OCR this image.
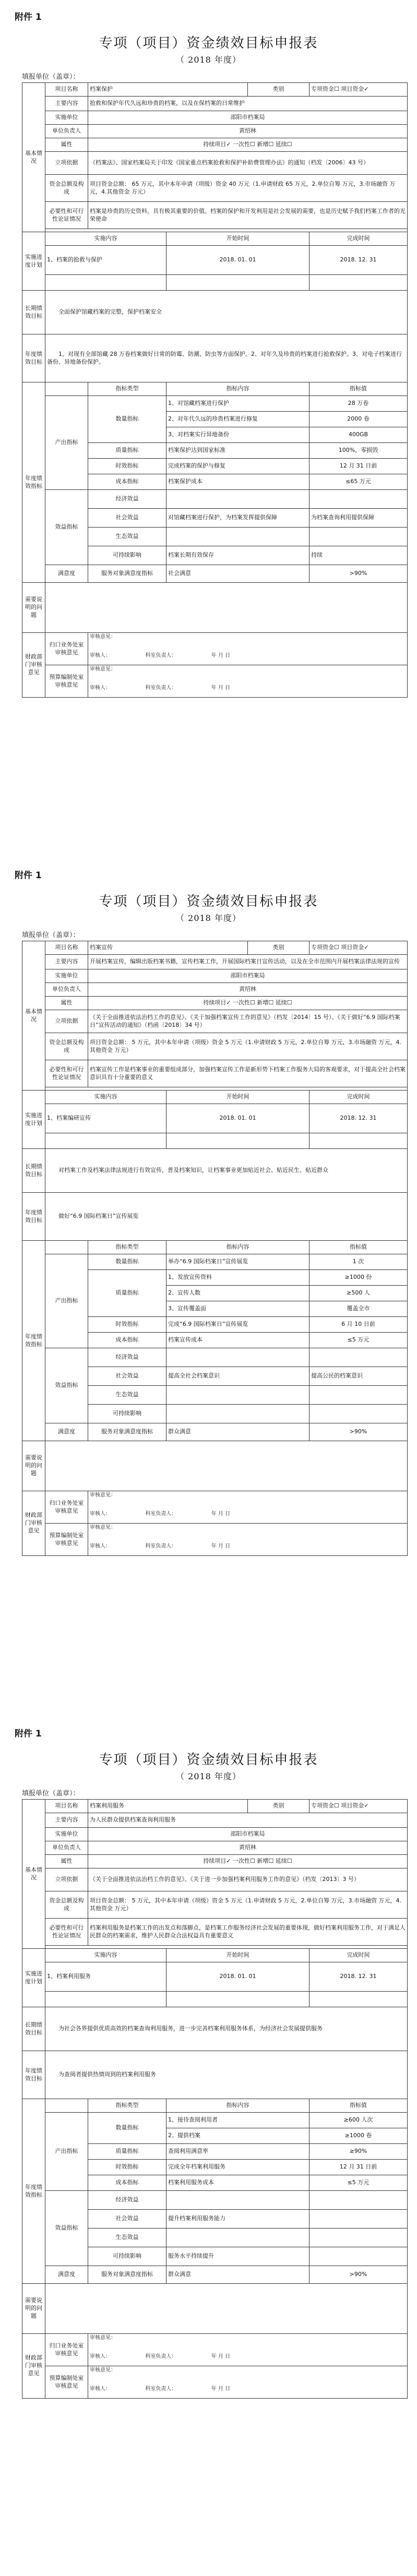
附件 1
专项（项目）资金绩效目标申报表
（ 2018 年度）
填报单位（盖章）：
基本情况	项目名称	档案保护		类别	专项资金☐ 项目资金✓
	主要内容	抢救和保护年代久远和珍贵的档案，以及在保档案的日常维护			
	实施单位	邵阳市档案局			
	单位负责人	黄绍林			
	属性	持续项目✓ 一次性☐ 新增☐ 延续☐			
	立项依据	《档案法》、国家档案局关于印发《国家重点档案抢救和保护补助费管理办法》的通知（档发〔2006〕43 号）			
	资金总额及构成	项目资金总额： 65 万元，其中本年申请（项级）资金 40 万元（1.申请财政 65 万元，2.单位自筹 万元，3.市场融资 万元，4.其他资金 万元）			
	必要性和可行性论证情况	档案是珍贵的历史资料，具有极其重要的价值。档案的保护和开发利用是社会发展的需要，也是历史赋予我们档案工作者的光荣使命			

实施进度计划	实施内容		开始时间		完成时间
	1、档案的抢救与保护		2018. 01. 01		2018. 12. 31

长期绩效目标	全面保护馆藏档案的完整，保护档案安全				
年度绩效目标	1、对现有全部馆藏 28 万卷档案做好日常的防霉、防潮、防虫等方面保护。2、对年久及珍贵的档案进行抢救保护。3、对电子档案进行备份、异地备份保护。				
年度绩效指标		指标类型	指标内容		指标值
	产出指标	数量指标	1、对馆藏档案进行保护		28 万卷
			2、对年代久远的珍贵档案进行修复		2000 卷
			3、对档案实行异地备份		400GB
		质量指标	档案保护达到国家标准		100%，零损毁
		时效指标	完成档案的保护与修复		12 月 31 日前
		成本指标	档案保护成本		≤65 万元
	效益指标	经济效益			
		社会效益	对馆藏档案进行保护，为档案发挥提供保障		为档案查询利用提供保障
		生态效益			
		可持续影响	档案长期有效保存		持续
	满意度	服务对象满意度指标	社会满意		>90%
需要说明的问题					
财政部门审核意见	归口业务处室审核意见	审核意见：
审核人： 科室负责人： 年 月 日			

	预算编制处室审核意见	审核意见：
审核人： 科室负责人： 年 月 日			
附件 1
专项（项目）资金绩效目标申报表
（ 2018 年度）
填报单位（盖章）：
基本情况	项目名称	档案宣传		类别	专项资金☐ 项目资金✓
	主要内容	开展档案宣传，编辑出版档案书籍，宣传档案工作，开展国际档案日宣传活动，以及在全市范围内开展档案法律法规的宣传			
	实施单位	邵阳市档案局			
	单位负责人	黄绍林			
	属性	持续项目✓ 一次性☐ 新增☐ 延续☐			
	立项依据	《关于全面推进依法治档工作的意见》、《关于加强档案宣传工作的意见》（档发〔2014〕15 号）、《关于做好“6.9 国际档案日”宣传活动的通知》（档函〔2018〕34 号）			
	资金总额及构成	项目资金总额： 5 万元，其中本年申请（项级）资金 5 万元（1.申请财政 5 万元，2.单位自筹 万元，3.市场融资 万元，4.其他资金 万元）			
	必要性和可行性论证情况	档案宣传工作是档案事业的重要组成部分，加强档案宣传工作是新形势下档案工作服务大局的客观要求，对于提高全社会档案意识具有十分重要的意义			

实施进度计划	实施内容		开始时间		完成时间
	1、档案编研宣传		2018. 01. 01		2018. 12. 31

长期绩效目标	对档案工作及档案法律法规进行有效宣传，普及档案知识，让档案事业更加贴近社会、贴近民生、贴近群众				
年度绩效目标	做好“6.9 国际档案日”宣传展览				
年度绩效指标		指标类型	指标内容		指标值
	产出指标	数量指标	举办“6.9 国际档案日”宣传展览		1 次
		质量指标	1、发放宣传资料		≥1000 份
			2、宣传人数		≥500 人
			3、宣传覆盖面		覆盖全市
		时效指标	完成“6.9 国际档案日”宣传展览		6 月 10 日前
		成本指标	档案宣传成本		≤5 万元
	效益指标	经济效益			
		社会效益	提高全社会档案意识		提高公民的档案意识
		生态效益			
		可持续影响			
	满意度	服务对象满意度指标	群众满意		>90%
需要说明的问题					
财政部门审核意见	归口业务处室审核意见	审核意见：
审核人： 科室负责人： 年 月 日			

	预算编制处室审核意见	审核意见：
审核人： 科室负责人： 年 月 日			
附件 1
专项（项目）资金绩效目标申报表
（ 2018 年度）
填报单位（盖章）：
基本情况	项目名称	档案利用服务		类别	专项资金☐ 项目资金✓
	主要内容	为人民群众提供档案查询利用服务			
	实施单位	邵阳市档案局			
	单位负责人	黄绍林			
	属性	持续项目✓ 一次性☐ 新增☐ 延续☐			
	立项依据	《关于全面推进依法治档工作的意见》、《关于进一步加强档案利用服务工作的意见》（档发〔2013〕3 号）			
	资金总额及构成	项目资金总额： 5 万元，其中本年申请（项级）资金 5 万元（1.申请财政 5 万元，2.单位自筹 万元，3.市场融资 万元，4.其他资金 万元）			
	必要性和可行性论证情况	档案利用服务是档案工作的出发点和落脚点，是档案工作服务经济社会发展的重要体现，做好档案利用服务工作，对于满足人民群众的档案需求，维护人民群众合法权益具有重要意义			

实施进度计划	实施内容		开始时间		完成时间
	1、档案利用服务		2018. 01. 01		2018. 12. 31

长期绩效目标	为社会各界提供优质高效的档案查询利用服务，进一步完善档案利用服务体系，为经济社会发展提供服务				
年度绩效目标	为查阅者提供热情周到的档案利用服务				
年度绩效指标		指标类型	指标内容		指标值
	产出指标	数量指标	1、接待查阅利用者		≥600 人次
			2、提供档案		≥1000 卷
		质量指标	查阅利用满意率		≥90%
		时效指标	完成全年档案利用服务		12 月 31 日前
		成本指标	档案利用服务成本		≤5 万元
	效益指标	经济效益			
		社会效益	提升档案利用服务能力		
		生态效益			
		可持续影响	服务水平持续提升		
	满意度	服务对象满意度指标	群众满意		>90%
需要说明的问题					
财政部门审核意见	归口业务处室审核意见	审核意见：
审核人： 科室负责人： 年 月 日			

	预算编制处室审核意见	审核意见：
审核人： 科室负责人： 年 月 日			
